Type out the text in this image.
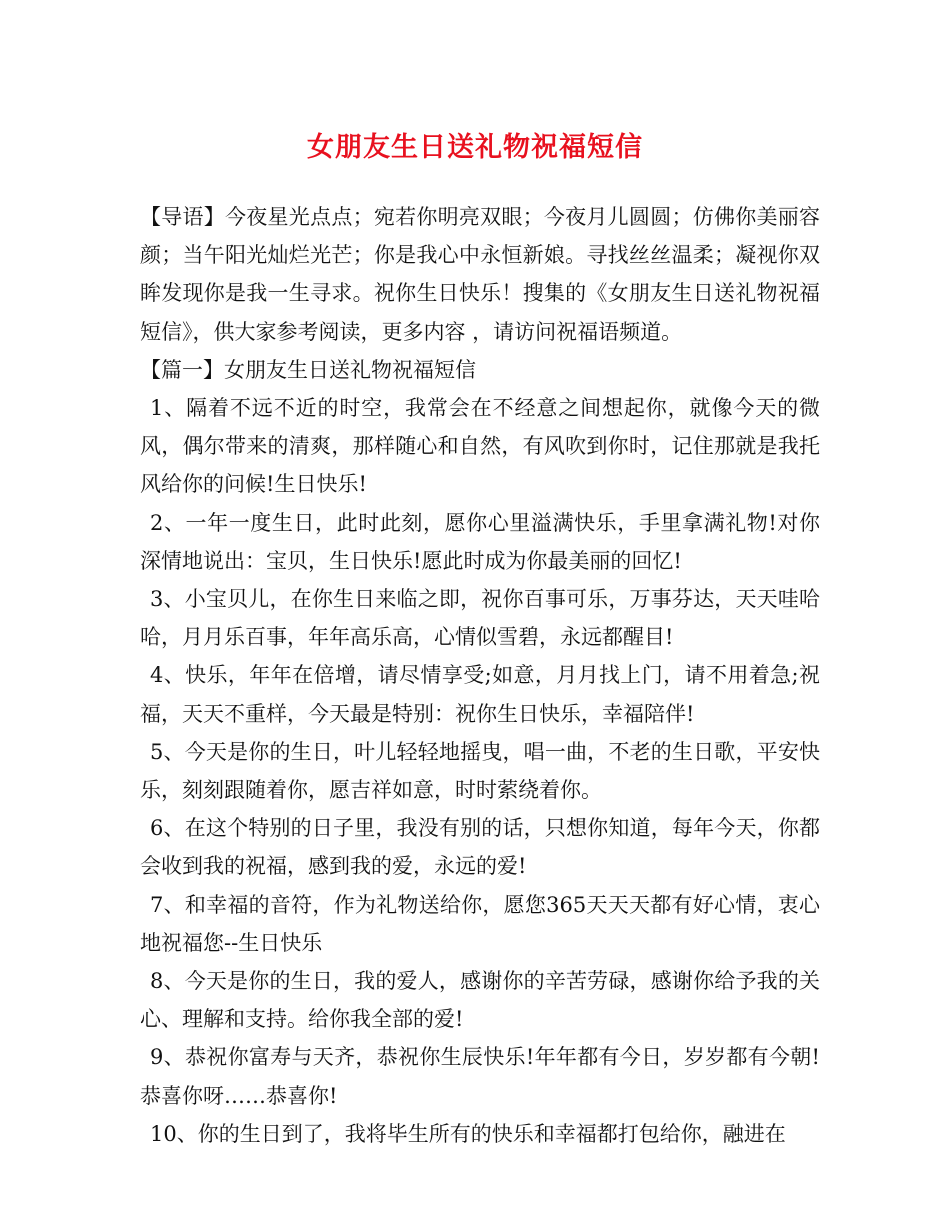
女朋友生日送礼物祝福短信

【导语】今夜星光点点；宛若你明亮双眼；今夜月儿圆圆；仿佛你美丽容颜；当午阳光灿烂光芒；你是我心中永恒新娘。寻找丝丝温柔；凝视你双眸发现你是我一生寻求。祝你生日快乐！搜集的《女朋友生日送礼物祝福短信》，供大家参考阅读，更多内容 ，请访问祝福语频道。

【篇一】女朋友生日送礼物祝福短信

1、隔着不远不近的时空，我常会在不经意之间想起你，就像今天的微风，偶尔带来的清爽，那样随心和自然，有风吹到你时，记住那就是我托风给你的问候!生日快乐!

2、一年一度生日，此时此刻，愿你心里溢满快乐，手里拿满礼物!对你深情地说出：宝贝，生日快乐!愿此时成为你最美丽的回忆!

3、小宝贝儿，在你生日来临之即，祝你百事可乐，万事芬达，天天哇哈哈，月月乐百事，年年高乐高，心情似雪碧，永远都醒目!

4、快乐，年年在倍增，请尽情享受;如意，月月找上门，请不用着急;祝福，天天不重样，今天最是特别：祝你生日快乐，幸福陪伴!

5、今天是你的生日，叶儿轻轻地摇曳，唱一曲，不老的生日歌，平安快乐，刻刻跟随着你，愿吉祥如意，时时萦绕着你。

6、在这个特别的日子里，我没有别的话，只想你知道，每年今天，你都会收到我的祝福，感到我的爱，永远的爱!

7、和幸福的音符，作为礼物送给你，愿您365天天天都有好心情，衷心地祝福您--生日快乐

8、今天是你的生日，我的爱人，感谢你的辛苦劳碌，感谢你给予我的关心、理解和支持。给你我全部的爱!

9、恭祝你富寿与天齐，恭祝你生辰快乐!年年都有今日，岁岁都有今朝!恭喜你呀……恭喜你!

10、你的生日到了，我将毕生所有的快乐和幸福都打包给你，融进在
